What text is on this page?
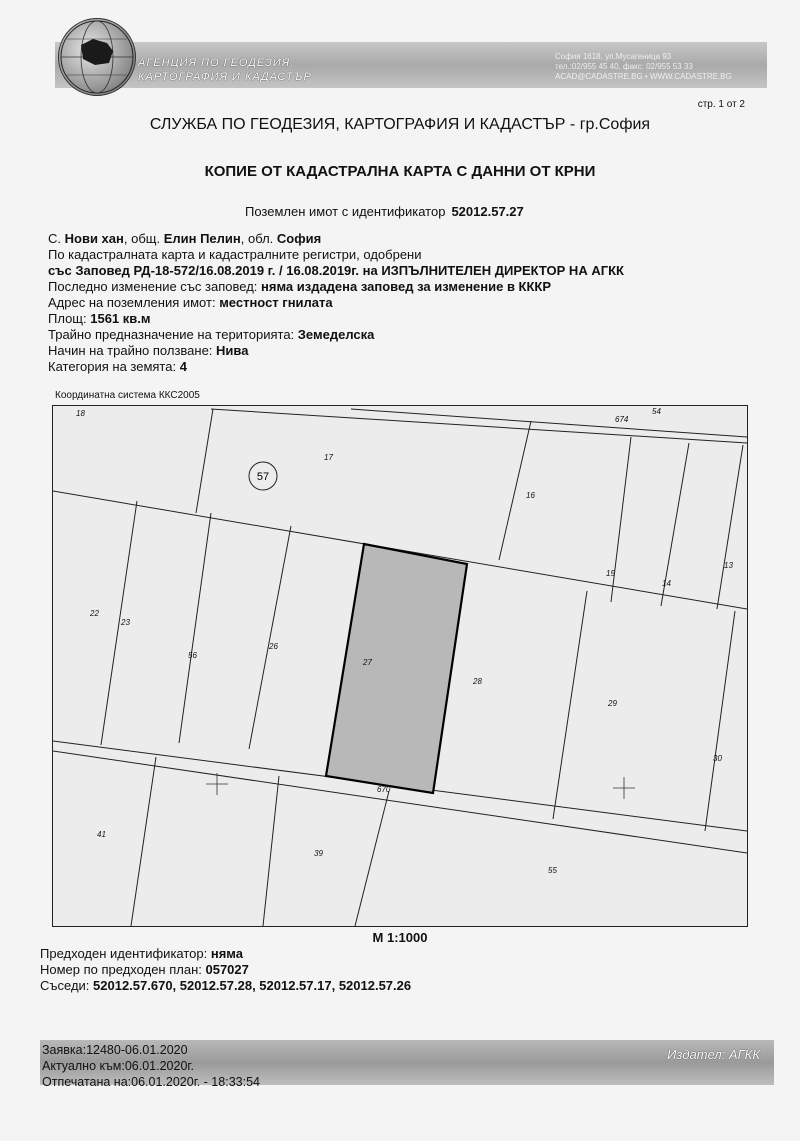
АГЕНЦИЯ ПО ГЕОДЕЗИЯ,
КАРТОГРАФИЯ И КАДАСТЪР
София 1618, ул.Мусагеница 93
тел.:02/955 45 40, факс: 02/955 53 33
ACAD@CADASTRE.BG • WWW.CADASTRE.BG
стр. 1 от 2
СЛУЖБА ПО ГЕОДЕЗИЯ, КАРТОГРАФИЯ И КАДАСТЪР - гр.София
КОПИЕ ОТ КАДАСТРАЛНА КАРТА С ДАННИ ОТ КРНИ
Поземлен имот с идентификатор 52012.57.27
С. Нови хан, общ. Елин Пелин, обл. София
По кадастралната карта и кадастралните регистри, одобрени
със Заповед РД-18-572/16.08.2019 г. / 16.08.2019г. на ИЗПЪЛНИТЕЛЕН ДИРЕКТОР НА АГКК
Последно изменение със заповед: няма издадена заповед за изменение в КККР
Адрес на поземления имот: местност гнилата
Площ: 1561 кв.м
Трайно предназначение на територията: Земеделска
Начин на трайно ползване: Нива
Категория на земята: 4
Координатна система ККС2005
57
18
17
674
54
16
15
14
13
22
23
56
26
27
28
29
30
670
41
39
55
М 1:1000
Предходен идентификатор: няма
Номер по предходен план: 057027
Съседи: 52012.57.670, 52012.57.28, 52012.57.17, 52012.57.26
Заявка:12480-06.01.2020
Актуално към:06.01.2020г.
Отпечатана на:06.01.2020г. - 18:33:54
Издател: АГКК
